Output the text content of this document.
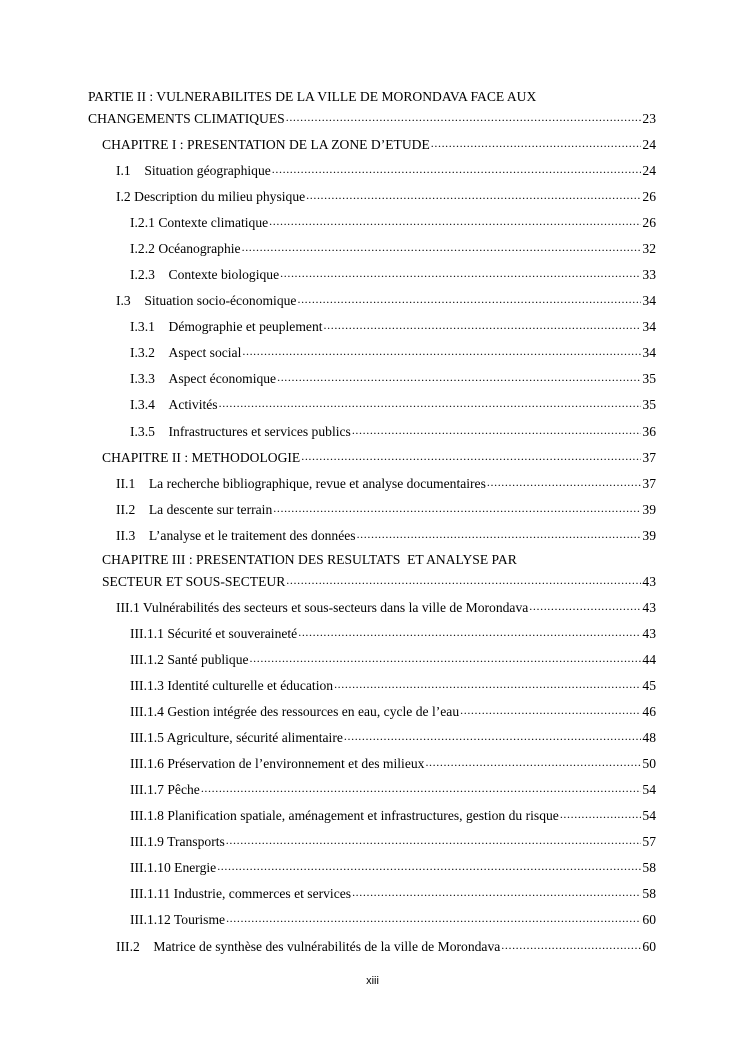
PARTIE II : VULNERABILITES DE LA VILLE DE MORONDAVA FACE AUX
CHANGEMENTS CLIMATIQUES .....	23
CHAPITRE I : PRESENTATION DE LA ZONE D’ETUDE .....	24
I.1 Situation géographique .....	24
I.2 Description du milieu physique .....	26
I.2.1 Contexte climatique .....	26
I.2.2 Océanographie .....	32
I.2.3 Contexte biologique .....	33
I.3 Situation socio-économique .....	34
I.3.1 Démographie et peuplement .....	34
I.3.2 Aspect social .....	34
I.3.3 Aspect économique .....	35
I.3.4 Activités .....	35
I.3.5 Infrastructures et services publics .....	36
CHAPITRE II : METHODOLOGIE .....	37
II.1 La recherche bibliographique, revue et analyse documentaires .....	37
II.2 La descente sur terrain .....	39
II.3 L’analyse et le traitement des données .....	39
CHAPITRE III : PRESENTATION DES RESULTATS  ET ANALYSE PAR
SECTEUR ET SOUS-SECTEUR .....	43
III.1 Vulnérabilités des secteurs et sous-secteurs dans la ville de Morondava .....	43
III.1.1 Sécurité et souveraineté .....	43
III.1.2 Santé publique .....	44
III.1.3 Identité culturelle et éducation .....	45
III.1.4 Gestion intégrée des ressources en eau, cycle de l’eau .....	46
III.1.5 Agriculture, sécurité alimentaire .....	48
III.1.6 Préservation de l’environnement et des milieux .....	50
III.1.7 Pêche .....	54
III.1.8 Planification spatiale, aménagement et infrastructures, gestion du risque .....	54
III.1.9 Transports .....	57
III.1.10 Energie .....	58
III.1.11 Industrie, commerces et services .....	58
III.1.12 Tourisme .....	60
III.2 Matrice de synthèse des vulnérabilités de la ville de Morondava .....	60
xiii
